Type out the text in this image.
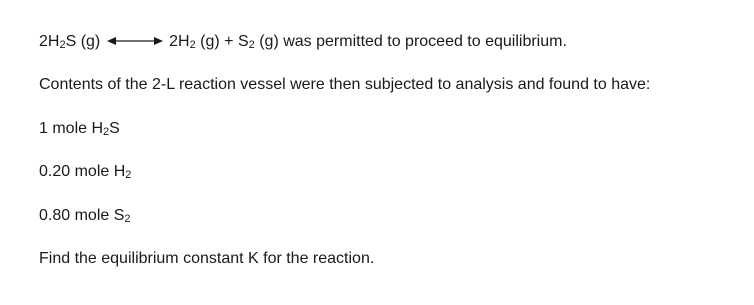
$2H_2S$ (g)	$2H_2$ $(g) + S_2$ (g) was permitted to proceed to equilibrium.
Contents of the 2-L reaction vessel were then subjected to analysis and found to have:
1 mole $H_2S$
0.20 mole $H_2$
0.80 mole $S_2$
Find the equilibrium constant K for the reaction.
